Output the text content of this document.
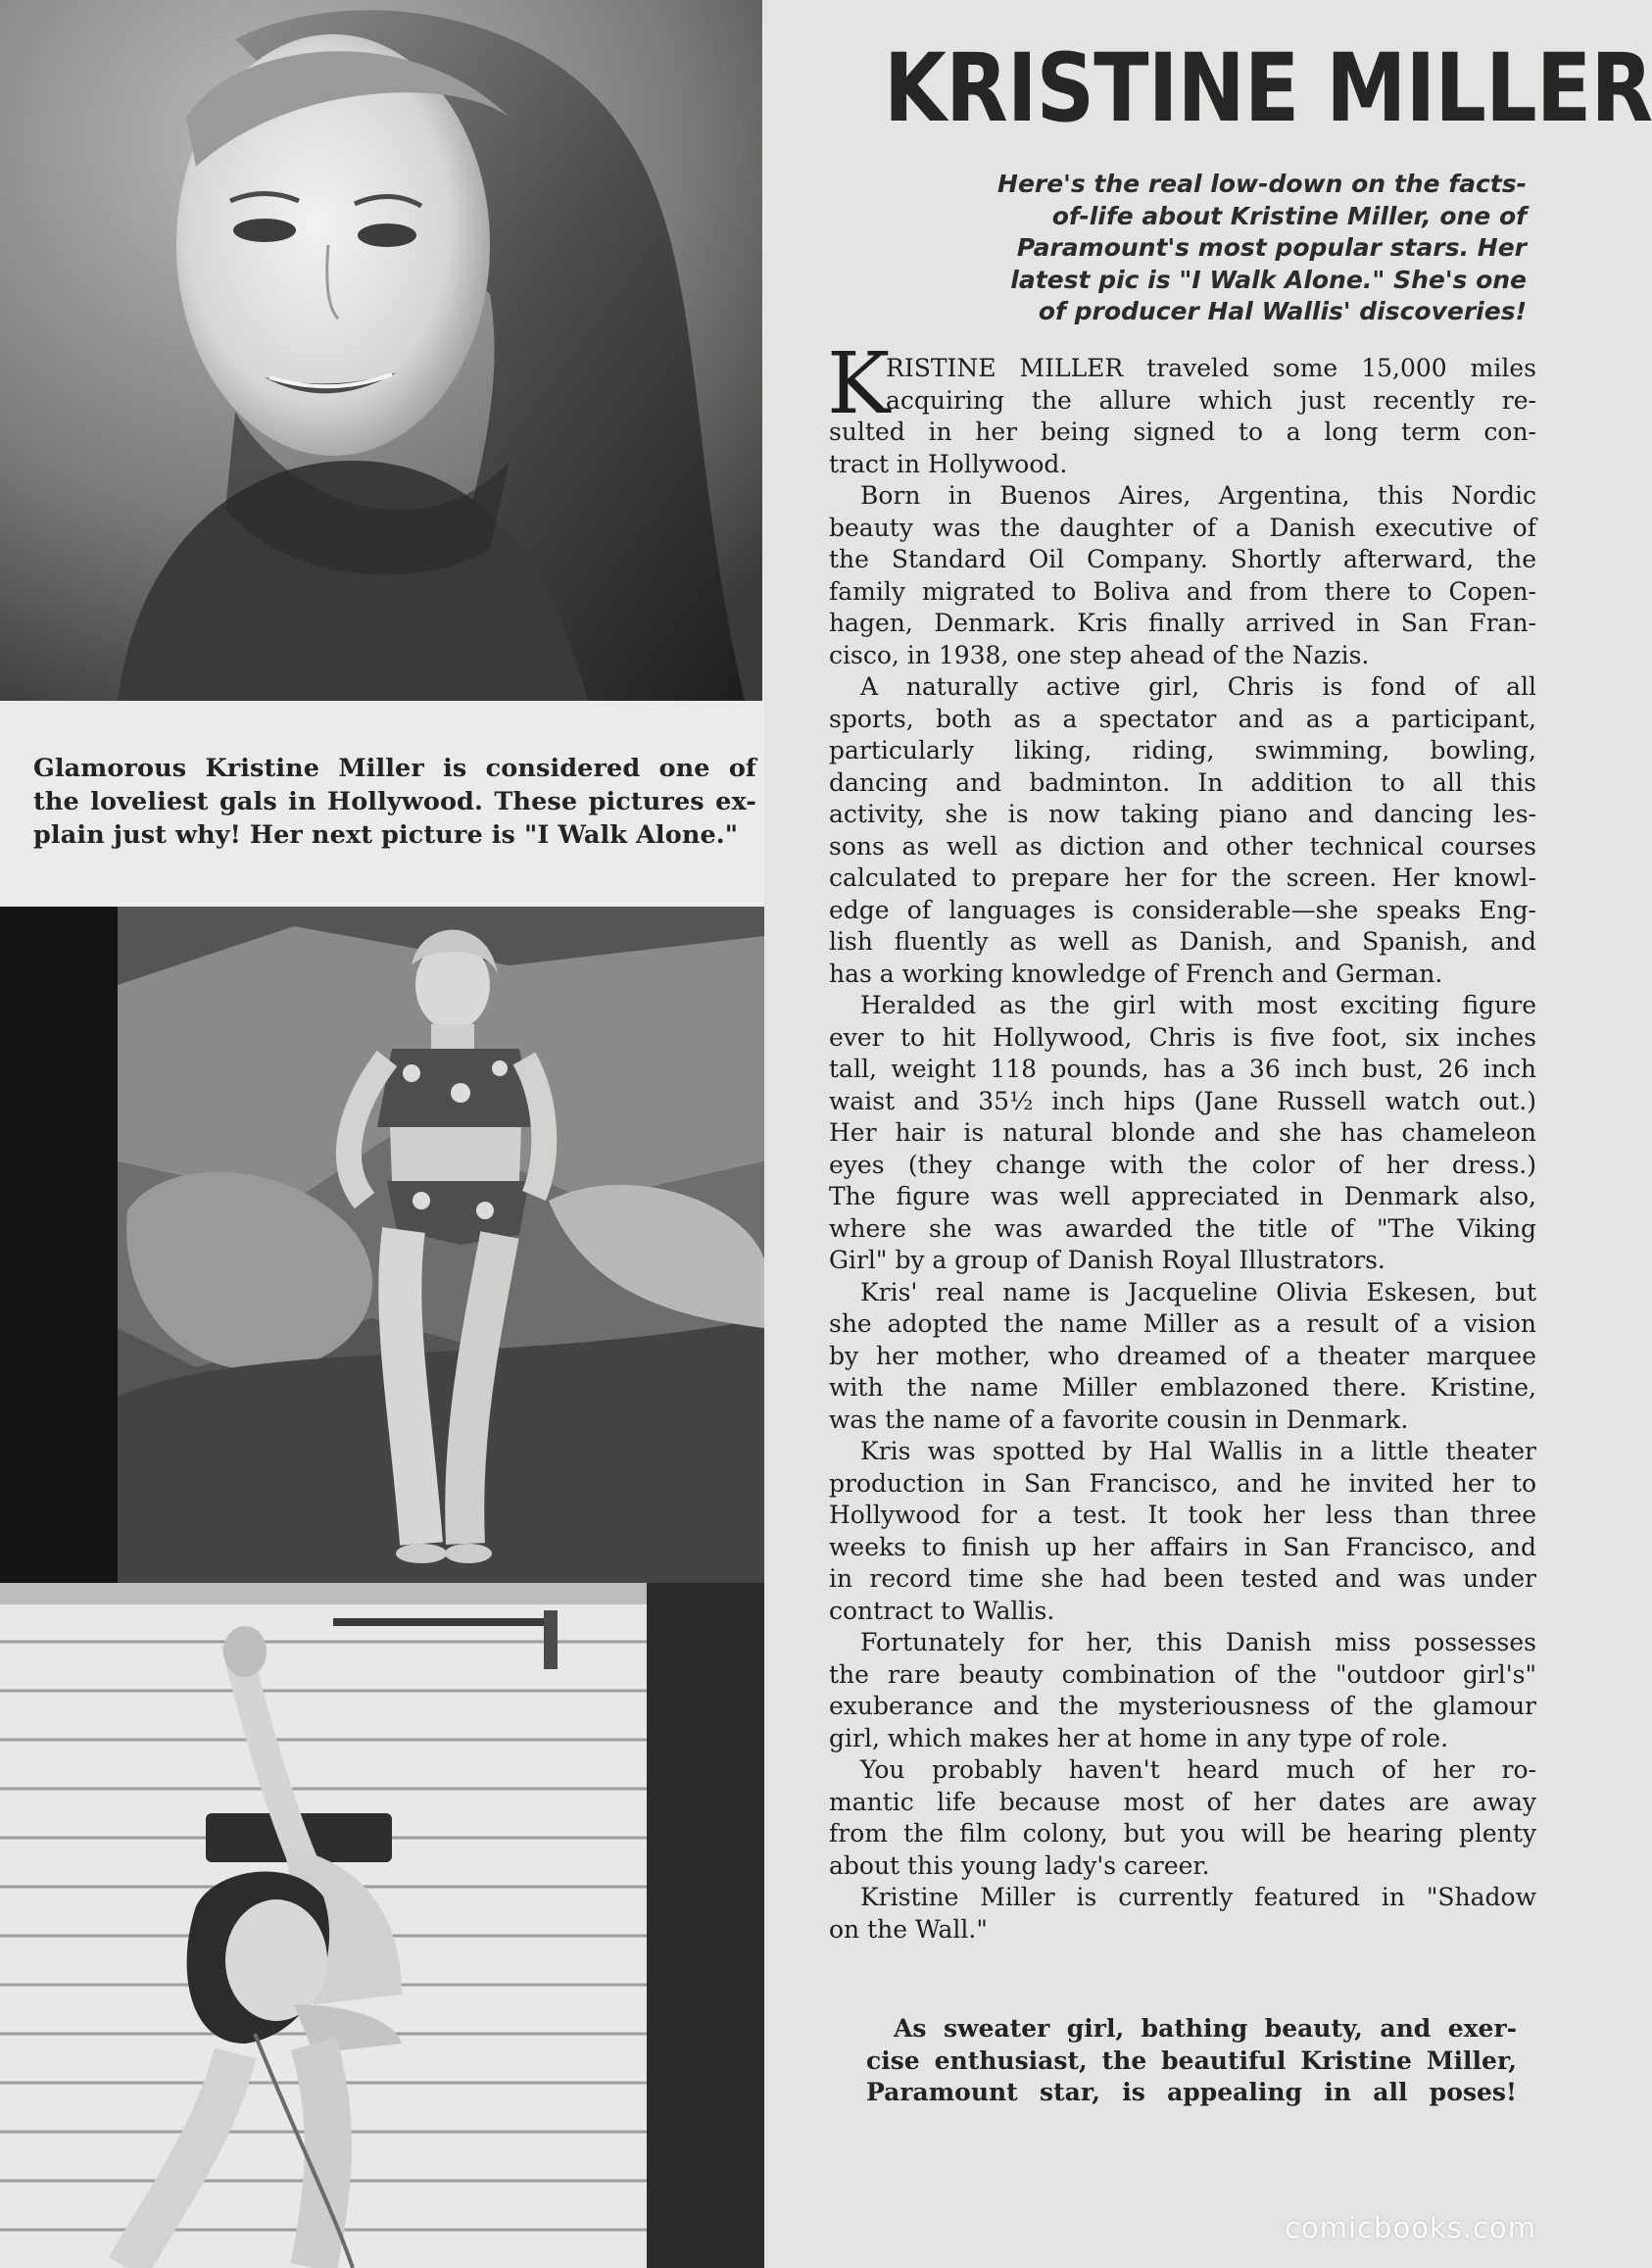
Glamorous Kristine Miller is considered one of
the loveliest gals in Hollywood. These pictures ex-
plain just why! Her next picture is "I Walk Alone."

KRISTINE MILLER

Here's the real low-down on the facts-
of-life about Kristine Miller, one of
Paramount's most popular stars. Her
latest pic is "I Walk Alone." She's one
of producer Hal Wallis' discoveries!

K
RISTINE MILLER traveled some 15,000 miles
acquiring the allure which just recently re-
sulted in her being signed to a long term con-
tract in Hollywood.
Born in Buenos Aires, Argentina, this Nordic
beauty was the daughter of a Danish executive of
the Standard Oil Company. Shortly afterward, the
family migrated to Boliva and from there to Copen-
hagen, Denmark. Kris finally arrived in San Fran-
cisco, in 1938, one step ahead of the Nazis.
A naturally active girl, Chris is fond of all
sports, both as a spectator and as a participant,
particularly liking, riding, swimming, bowling,
dancing and badminton. In addition to all this
activity, she is now taking piano and dancing les-
sons as well as diction and other technical courses
calculated to prepare her for the screen. Her knowl-
edge of languages is considerable—she speaks Eng-
lish fluently as well as Danish, and Spanish, and
has a working knowledge of French and German.
Heralded as the girl with most exciting figure
ever to hit Hollywood, Chris is five foot, six inches
tall, weight 118 pounds, has a 36 inch bust, 26 inch
waist and 35½ inch hips (Jane Russell watch out.)
Her hair is natural blonde and she has chameleon
eyes (they change with the color of her dress.)
The figure was well appreciated in Denmark also,
where she was awarded the title of "The Viking
Girl" by a group of Danish Royal Illustrators.
Kris' real name is Jacqueline Olivia Eskesen, but
she adopted the name Miller as a result of a vision
by her mother, who dreamed of a theater marquee
with the name Miller emblazoned there. Kristine,
was the name of a favorite cousin in Denmark.
Kris was spotted by Hal Wallis in a little theater
production in San Francisco, and he invited her to
Hollywood for a test. It took her less than three
weeks to finish up her affairs in San Francisco, and
in record time she had been tested and was under
contract to Wallis.
Fortunately for her, this Danish miss possesses
the rare beauty combination of the "outdoor girl's"
exuberance and the mysteriousness of the glamour
girl, which makes her at home in any type of role.
You probably haven't heard much of her ro-
mantic life because most of her dates are away
from the film colony, but you will be hearing plenty
about this young lady's career.
Kristine Miller is currently featured in "Shadow
on the Wall."

As sweater girl, bathing beauty, and exer-
cise enthusiast, the beautiful Kristine Miller,
Paramount star, is appealing in all poses!

comicbooks.com
